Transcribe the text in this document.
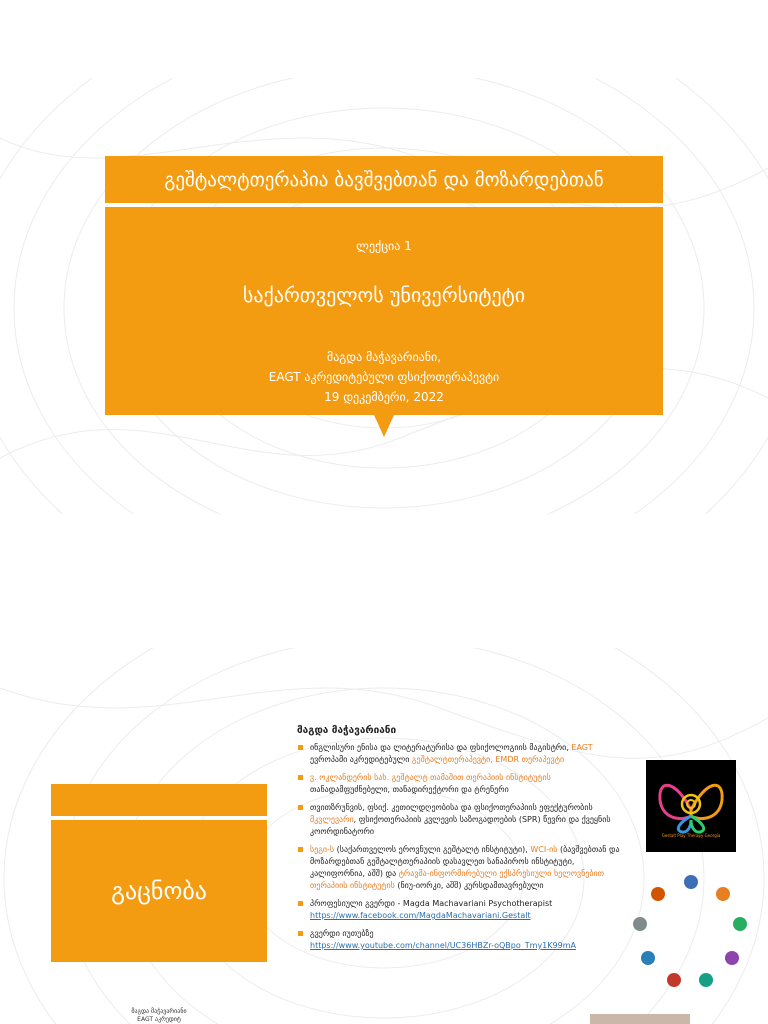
გეშტალტთერაპია ბავშვებთან და მოზარდებთან
ლექცია 1
საქართველოს უნივერსიტეტი
მაგდა მაჭავარიანი,
EAGT აკრედიტებული ფსიქოთერაპევტი
19 დეკემბერი, 2022
გაცნობა
მაგდა მაჭავარიანი
EAGT აკრედიტ
მაგდა მაჭავარიანი
ინგლისური ენისა და ლიტერატურისა და ფსიქოლოგიის მაგისტრი, EAGT ევროპამი აკრედიტებული გეშტალტთერაპევტი, EMDR თერაპევტი
ვ. ოკლანდერის სახ. გეშტალტ თამაშით თერაპიის ინსტიტუტის თანადამფუძნებელი, თანადირექტორი და ტრენერი
თვითზრუნვის, ფსიქ. კეთილდღეობისა და ფსიქოთერაპიის ეფექტურობის მკვლევარი, ფსიქოთერაპიის კვლევის საზოგადოების (SPR) წევრი და ქვეყნის კოორდინატორი
სეგი-ს (საქართველოს ეროვნული გეშტალტ ინსტიტუტი), WCI-ის (ბავშვებთან და მოზარდებთან გეშტალტთერაპიის დასავლეთ სანაპიროს ინსტიტუტი, კალიფორნია, აშშ) და ტრავმა-ინფორმირებული ექსპრესიული ხელოვნებით თერაპიის ინსტიტუტის (ნიუ-იორკი, აშშ) კურსდამთავრებული
პროფესიული გვერდი - Magda Machavariani Psychotherapist
https://www.facebook.com/MagdaMachavariani.Gestalt
გვერდი იუთუბზე
https://www.youtube.com/channel/UC36HBZr-oQBpo_Tmy1K99mA
Gestalt Play Therapy Georgia
